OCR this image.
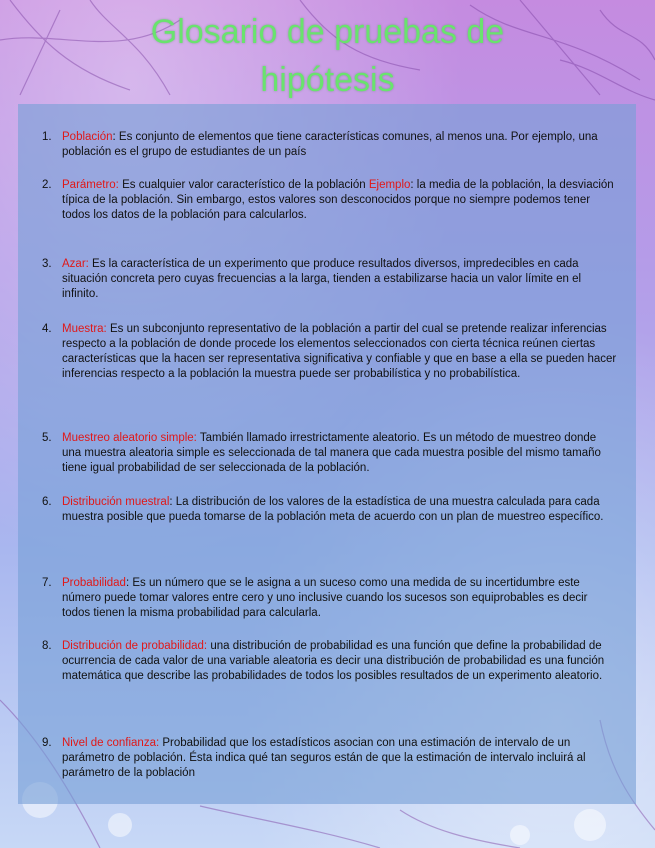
Glosario de pruebas de
hipótesis
1. Población: Es conjunto de elementos que tiene características comunes, al menos una. Por ejemplo, una población es el grupo de estudiantes de un país
2. Parámetro: Es cualquier valor característico de la población Ejemplo: la media de la población, la desviación típica de la población. Sin embargo, estos valores son desconocidos porque no siempre podemos tener todos los datos de la población para calcularlos.
3. Azar: Es la característica de un experimento que produce resultados diversos, impredecibles en cada situación concreta pero cuyas frecuencias a la larga, tienden a estabilizarse hacia un valor límite en el infinito.
4. Muestra: Es un subconjunto representativo de la población a partir del cual se pretende realizar inferencias respecto a la población de donde procede los elementos seleccionados con cierta técnica reúnen ciertas características que la hacen ser representativa significativa y confiable y que en base a ella se pueden hacer inferencias respecto a la población la muestra puede ser probabilística y no probabilística.
5. Muestreo aleatorio simple: También llamado irrestrictamente aleatorio. Es un método de muestreo donde una muestra aleatoria simple es seleccionada de tal manera que cada muestra posible del mismo tamaño tiene igual probabilidad de ser seleccionada de la población.
6. Distribución muestral: La distribución de los valores de la estadística de una muestra calculada para cada muestra posible que pueda tomarse de la población meta de acuerdo con un plan de muestreo específico.
7. Probabilidad: Es un número que se le asigna a un suceso como una medida de su incertidumbre este número puede tomar valores entre cero y uno inclusive cuando los sucesos son equiprobables es decir todos tienen la misma probabilidad para calcularla.
8. Distribución de probabilidad: una distribución de probabilidad es una función que define la probabilidad de ocurrencia de cada valor de una variable aleatoria es decir una distribución de probabilidad es una función matemática que describe las probabilidades de todos los posibles resultados de un experimento aleatorio.
9. Nivel de confianza: Probabilidad que los estadísticos asocian con una estimación de intervalo de un parámetro de población. Ésta indica qué tan seguros están de que la estimación de intervalo incluirá al parámetro de la población
